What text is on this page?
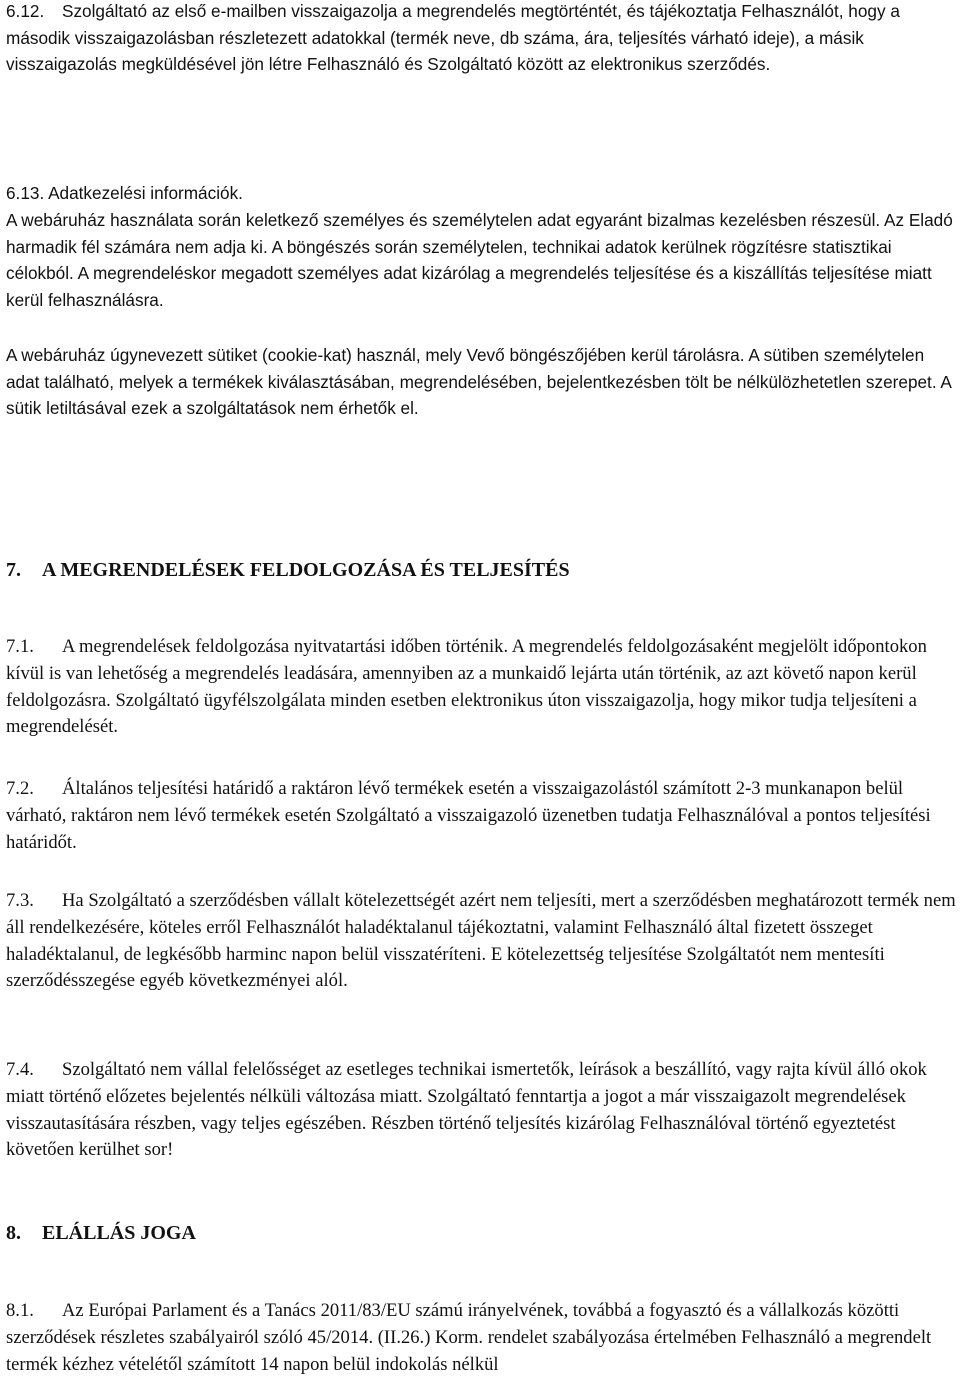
6.12. Szolgáltató az első e-mailben visszaigazolja a megrendelés megtörténtét, és tájékoztatja Felhasználót, hogy a második visszaigazolásban részletezett adatokkal (termék neve, db száma, ára, teljesítés várható ideje), a másik visszaigazolás megküldésével jön létre Felhasználó és Szolgáltató között az elektronikus szerződés.

6.13. Adatkezelési információk.

A webáruház használata során keletkező személyes és személytelen adat egyaránt bizalmas kezelésben részesül. Az Eladó harmadik fél számára nem adja ki. A böngészés során személytelen, technikai adatok kerülnek rögzítésre statisztikai célokból. A megrendeléskor megadott személyes adat kizárólag a megrendelés teljesítése és a kiszállítás teljesítése miatt kerül felhasználásra.

A webáruház úgynevezett sütiket (cookie-kat) használ, mely Vevő böngészőjében kerül tárolásra. A sütiben személytelen adat található, melyek a termékek kiválasztásában, megrendelésében, bejelentkezésben tölt be nélkülözhetetlen szerepet. A sütik letiltásával ezek a szolgáltatások nem érhetők el.

7. A MEGRENDELÉSEK FELDOLGOZÁSA ÉS TELJESÍTÉS

7.1. A megrendelések feldolgozása nyitvatartási időben történik. A megrendelés feldolgozásaként megjelölt időpontokon kívül is van lehetőség a megrendelés leadására, amennyiben az a munkaidő lejárta után történik, az azt követő napon kerül feldolgozásra. Szolgáltató ügyfélszolgálata minden esetben elektronikus úton visszaigazolja, hogy mikor tudja teljesíteni a megrendelését.

7.2. Általános teljesítési határidő a raktáron lévő termékek esetén a visszaigazolástól számított 2-3 munkanapon belül várható, raktáron nem lévő termékek esetén Szolgáltató a visszaigazoló üzenetben tudatja Felhasználóval a pontos teljesítési határidőt.

7.3. Ha Szolgáltató a szerződésben vállalt kötelezettségét azért nem teljesíti, mert a szerződésben meghatározott termék nem áll rendelkezésére, köteles erről Felhasználót haladéktalanul tájékoztatni, valamint Felhasználó által fizetett összeget haladéktalanul, de legkésőbb harminc napon belül visszatéríteni. E kötelezettség teljesítése Szolgáltatót nem mentesíti szerződésszegése egyéb következményei alól.

7.4. Szolgáltató nem vállal felelősséget az esetleges technikai ismertetők, leírások a beszállító, vagy rajta kívül álló okok miatt történő előzetes bejelentés nélküli változása miatt. Szolgáltató fenntartja a jogot a már visszaigazolt megrendelések visszautasítására részben, vagy teljes egészében. Részben történő teljesítés kizárólag Felhasználóval történő egyeztetést követően kerülhet sor!

8. ELÁLLÁS JOGA

8.1. Az Európai Parlament és a Tanács 2011/83/EU számú irányelvének, továbbá a fogyasztó és a vállalkozás közötti szerződések részletes szabályairól szóló 45/2014. (II.26.) Korm. rendelet szabályozása értelmében Felhasználó a megrendelt termék kézhez vételétől számított 14 napon belül indokolás nélkül
